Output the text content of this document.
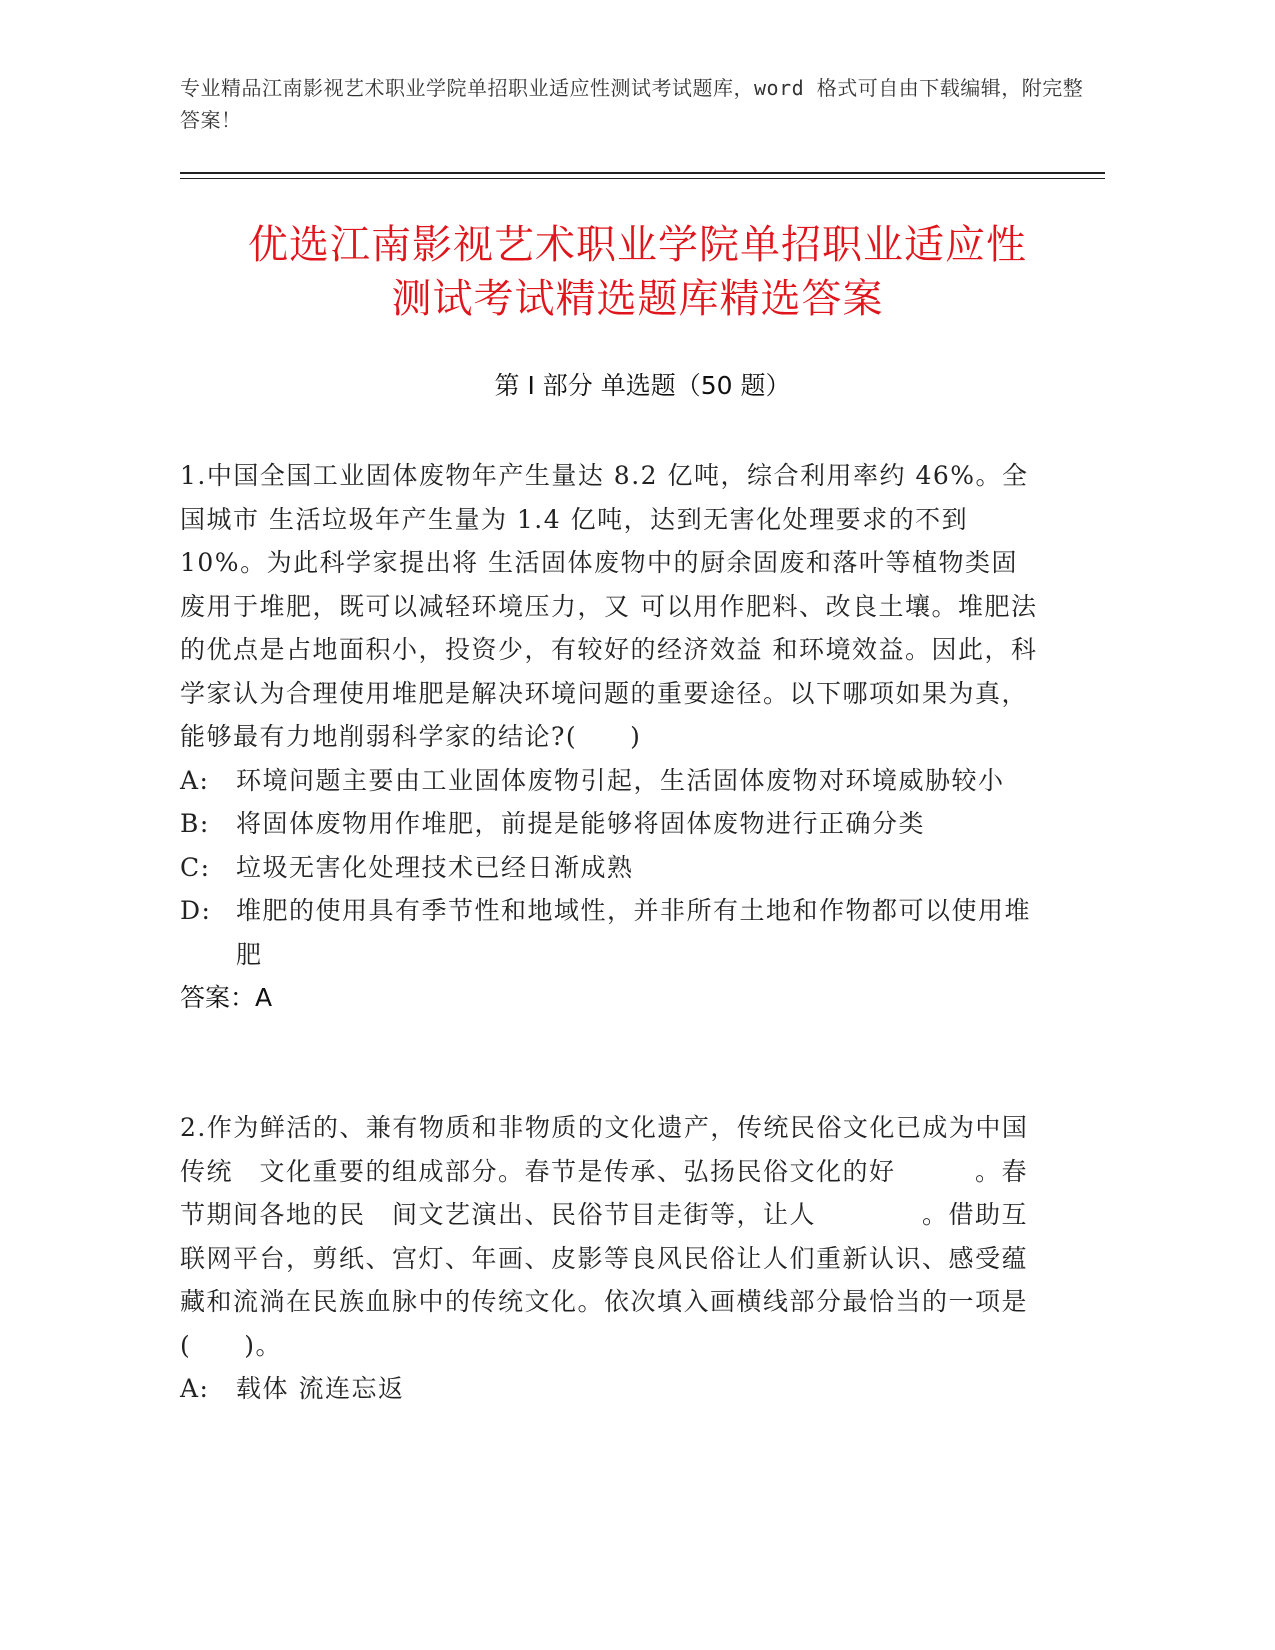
专业精品江南影视艺术职业学院单招职业适应性测试考试题库，word 格式可自由下载编辑，附完整答案！
优选江南影视艺术职业学院单招职业适应性
测试考试精选题库精选答案
第 I 部分 单选题（50 题）

1.中国全国工业固体废物年产生量达 8.2 亿吨，综合利用率约 46%。全国城市 生活垃圾年产生量为 1.4 亿吨，达到无害化处理要求的不到 10%。为此科学家提出将 生活固体废物中的厨余固废和落叶等植物类固废用于堆肥，既可以减轻环境压力，又 可以用作肥料、改良土壤。堆肥法的优点是占地面积小，投资少，有较好的经济效益 和环境效益。因此，科学家认为合理使用堆肥是解决环境问题的重要途径。以下哪项如果为真，能够最有力地削弱科学家的结论?(　　)

A:	环境问题主要由工业固体废物引起，生活固体废物对环境威胁较小
B:	将固体废物用作堆肥，前提是能够将固体废物进行正确分类
C:	垃圾无害化处理技术已经日渐成熟
D: 堆肥的使用具有季节性和地域性，并非所有土地和作物都可以使用堆肥
答案：A

2.作为鲜活的、兼有物质和非物质的文化遗产，传统民俗文化已成为中国传统　文化重要的组成部分。春节是传承、弘扬民俗文化的好　　　。春节期间各地的民　间文艺演出、民俗节目走街等，让人　　　　。借助互联网平台，剪纸、宫灯、年画、皮影等良风民俗让人们重新认识、感受蕴藏和流淌在民族血脉中的传统文化。依次填入画横线部分最恰当的一项是(　　)。

A:	载体 流连忘返
